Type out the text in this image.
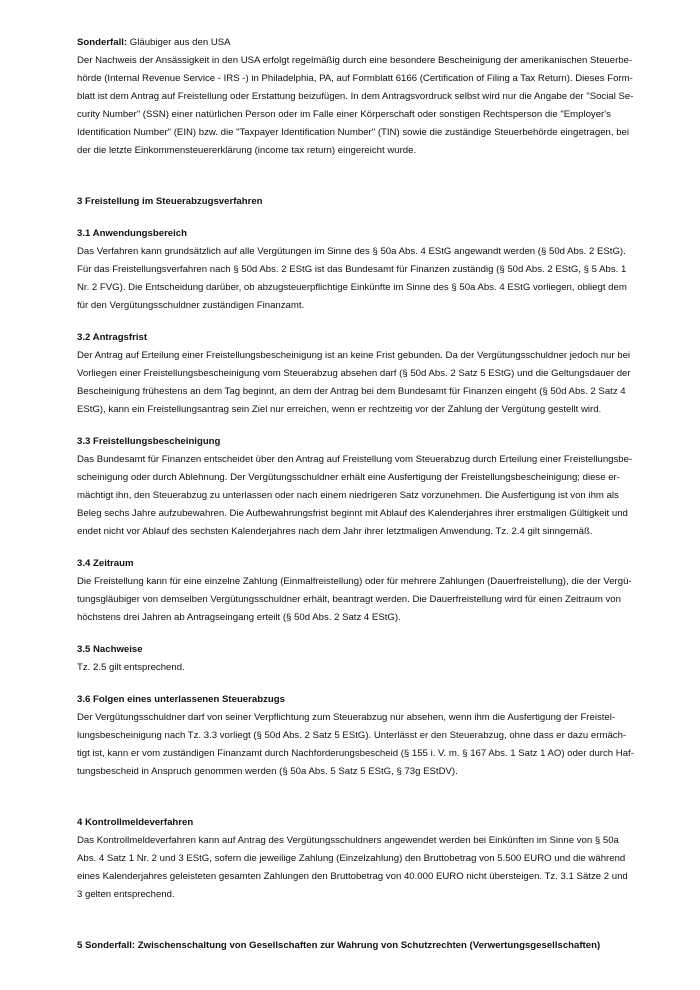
Sonderfall: Gläubiger aus den USA
Der Nachweis der Ansässigkeit in den USA erfolgt regelmäßig durch eine besondere Bescheinigung der amerikanischen Steuerbe-
hörde (Internal Revenue Service - IRS -) in Philadelphia, PA, auf Formblatt 6166 (Certification of Filing a Tax Return). Dieses Form-
blatt ist dem Antrag auf Freistellung oder Erstattung beizufügen. In dem Antragsvordruck selbst wird nur die Angabe der "Social Se-
curity Number" (SSN) einer natürlichen Person oder im Falle einer Körperschaft oder sonstigen Rechtsperson die "Employer's
Identification Number" (EIN) bzw. die "Taxpayer Identification Number" (TIN) sowie die zuständige Steuerbehörde eingetragen, bei
der die letzte Einkommensteuererklärung (income tax return) eingereicht wurde.
3 Freistellung im Steuerabzugsverfahren
3.1 Anwendungsbereich
Das Verfahren kann grundsätzlich auf alle Vergütungen im Sinne des § 50a Abs. 4 EStG angewandt werden (§ 50d Abs. 2 EStG).
Für das Freistellungsverfahren nach § 50d Abs. 2 EStG ist das Bundesamt für Finanzen zuständig (§ 50d Abs. 2 EStG, § 5 Abs. 1
Nr. 2 FVG). Die Entscheidung darüber, ob abzugsteuerpflichtige Einkünfte im Sinne des § 50a Abs. 4 EStG vorliegen, obliegt dem
für den Vergütungsschuldner zuständigen Finanzamt.
3.2 Antragsfrist
Der Antrag auf Erteilung einer Freistellungsbescheinigung ist an keine Frist gebunden. Da der Vergütungsschuldner jedoch nur bei
Vorliegen einer Freistellungsbescheinigung vom Steuerabzug absehen darf (§ 50d Abs. 2 Satz 5 EStG) und die Geltungsdauer der
Bescheinigung frühestens an dem Tag beginnt, an dem der Antrag bei dem Bundesamt für Finanzen eingeht (§ 50d Abs. 2 Satz 4
EStG), kann ein Freistellungsantrag sein Ziel nur erreichen, wenn er rechtzeitig vor der Zahlung der Vergütung gestellt wird.
3.3 Freistellungsbescheinigung
Das Bundesamt für Finanzen entscheidet über den Antrag auf Freistellung vom Steuerabzug durch Erteilung einer Freistellungsbe-
scheinigung oder durch Ablehnung. Der Vergütungsschuldner erhält eine Ausfertigung der Freistellungsbescheinigung; diese er-
mächtigt ihn, den Steuerabzug zu unterlassen oder nach einem niedrigeren Satz vorzunehmen. Die Ausfertigung ist von ihm als
Beleg sechs Jahre aufzubewahren. Die Aufbewahrungsfrist beginnt mit Ablauf des Kalenderjahres ihrer erstmaligen Gültigkeit und
endet nicht vor Ablauf des sechsten Kalenderjahres nach dem Jahr ihrer letztmaligen Anwendung. Tz. 2.4 gilt sinngemäß.
3.4 Zeitraum
Die Freistellung kann für eine einzelne Zahlung (Einmalfreistellung) oder für mehrere Zahlungen (Dauerfreistellung), die der Vergü-
tungsgläubiger von demselben Vergütungsschuldner erhält, beantragt werden. Die Dauerfreistellung wird für einen Zeitraum von
höchstens drei Jahren ab Antragseingang erteilt (§ 50d Abs. 2 Satz 4 EStG).
3.5 Nachweise
Tz. 2.5 gilt entsprechend.
3.6 Folgen eines unterlassenen Steuerabzugs
Der Vergütungsschuldner darf von seiner Verpflichtung zum Steuerabzug nur absehen, wenn ihm die Ausfertigung der Freistel-
lungsbescheinigung nach Tz. 3.3 vorliegt (§ 50d Abs. 2 Satz 5 EStG). Unterlässt er den Steuerabzug, ohne dass er dazu ermäch-
tigt ist, kann er vom zuständigen Finanzamt durch Nachforderungsbescheid (§ 155 i. V. m. § 167 Abs. 1 Satz 1 AO) oder durch Haf-
tungsbescheid in Anspruch genommen werden (§ 50a Abs. 5 Satz 5 EStG, § 73g EStDV).
4 Kontrollmeldeverfahren
Das Kontrollmeldeverfahren kann auf Antrag des Vergütungsschuldners angewendet werden bei Einkünften im Sinne von § 50a
Abs. 4 Satz 1 Nr. 2 und 3 EStG, sofern die jeweilige Zahlung (Einzelzahlung) den Bruttobetrag von 5.500 EURO und die während
eines Kalenderjahres geleisteten gesamten Zahlungen den Bruttobetrag von 40.000 EURO nicht übersteigen. Tz. 3.1 Sätze 2 und
3 gelten entsprechend.
5 Sonderfall: Zwischenschaltung von Gesellschaften zur Wahrung von Schutzrechten (Verwertungsgesellschaften)
